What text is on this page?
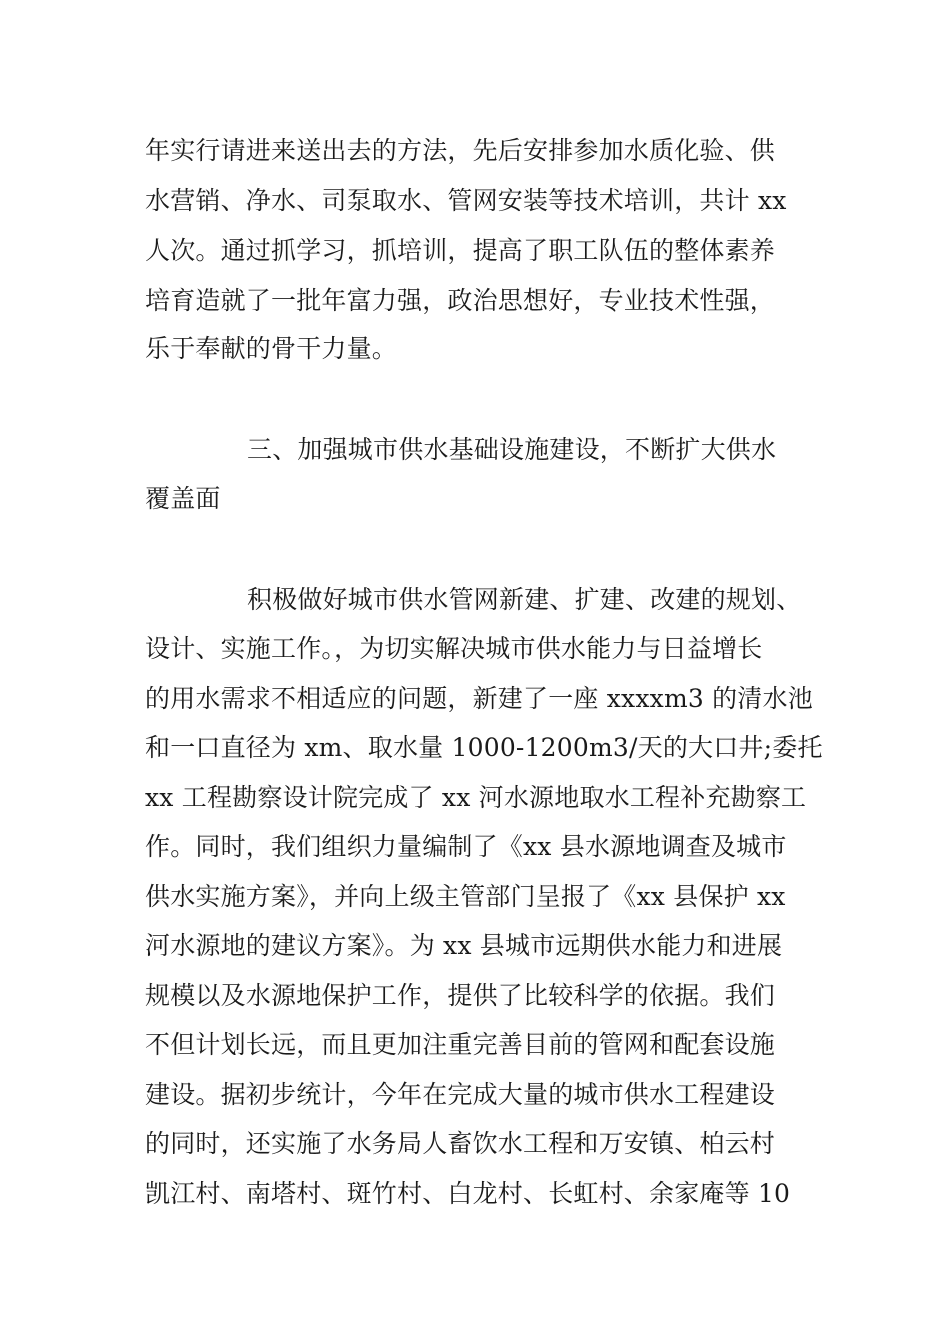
年实行请进来送出去的方法，先后安排参加水质化验、供
水营销、净水、司泵取水、管网安装等技术培训，共计 xx
人次。通过抓学习，抓培训，提高了职工队伍的整体素养
培育造就了一批年富力强，政治思想好，专业技术性强，
乐于奉献的骨干力量。
三、加强城市供水基础设施建设，不断扩大供水
覆盖面
积极做好城市供水管网新建、扩建、改建的规划、
设计、实施工作。，为切实解决城市供水能力与日益增长
的用水需求不相适应的问题，新建了一座 xxxxm3 的清水池
和一口直径为 xm、取水量 1000-1200m3/天的大口井;委托
xx 工程勘察设计院完成了 xx 河水源地取水工程补充勘察工
作。同时，我们组织力量编制了《xx 县水源地调查及城市
供水实施方案》，并向上级主管部门呈报了《xx 县保护 xx
河水源地的建议方案》。为 xx 县城市远期供水能力和进展
规模以及水源地保护工作，提供了比较科学的依据。我们
不但计划长远，而且更加注重完善目前的管网和配套设施
建设。据初步统计，今年在完成大量的城市供水工程建设
的同时，还实施了水务局人畜饮水工程和万安镇、柏云村
凯江村、南塔村、斑竹村、白龙村、长虹村、余家庵等 10
